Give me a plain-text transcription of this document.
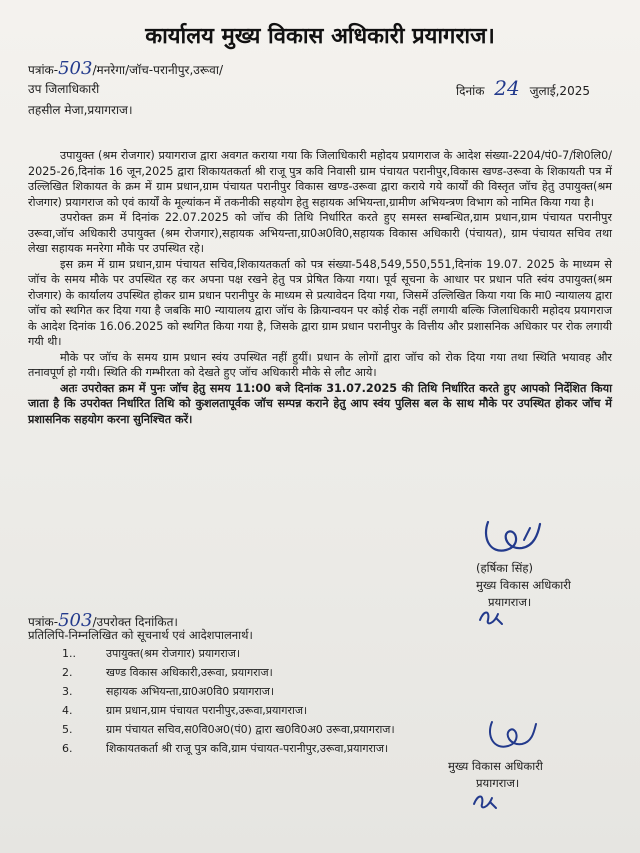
कार्यालय मुख्य विकास अधिकारी प्रयागराज।
पत्रांक-503/मनरेगा/जॉच-परानीपुर,उरूवा/
दिनांक 24 जुलाई,2025
उप जिलाधिकारी
तहसील मेजा,प्रयागराज।

उपायुक्त (श्रम रोजगार) प्रयागराज द्वारा अवगत कराया गया कि जिलाधिकारी महोदय प्रयागराज के आदेश संख्या-2204/पं0-7/शि0लि0/ 2025-26,दिनांक 16 जून,2025 द्वारा शिकायतकर्ता श्री राजू पुत्र कवि निवासी ग्राम पंचायत परानीपुर,विकास खण्ड-उरूवा के शिकायती पत्र में उल्लिखित शिकायत के क्रम में ग्राम प्रधान,ग्राम पंचायत परानीपुर विकास खण्ड-उरूवा द्वारा कराये गये कार्यों की विस्तृत जॉच हेतु उपायुक्त(श्रम रोजगार) प्रयागराज को एवं कार्यों के मूल्यांकन में तकनीकी सहयोग हेतु सहायक अभियन्ता,ग्रामीण अभियन्त्रण विभाग को नामित किया गया है।

उपरोक्त क्रम में दिनांक 22.07.2025 को जॉच की तिथि निर्धारित करते हुए समस्त सम्बन्धित,ग्राम प्रधान,ग्राम पंचायत परानीपुर उरूवा,जॉच अधिकारी उपायुक्त (श्रम रोजगार),सहायक अभियन्ता,ग्रा0अ0वि0,सहायक विकास अधिकारी (पंचायत), ग्राम पंचायत सचिव तथा लेखा सहायक मनरेगा मौके पर उपस्थित रहे।

इस क्रम में ग्राम प्रधान,ग्राम पंचायत सचिव,शिकायतकर्ता को पत्र संख्या-548,549,550,551,दिनांक 19.07. 2025 के माध्यम से जॉच के समय मौके पर उपस्थित रह कर अपना पक्ष रखने हेतु पत्र प्रेषित किया गया। पूर्व सूचना के आधार पर प्रधान पति स्वंय उपायुक्त(श्रम रोजगार) के कार्यालय उपस्थित होकर ग्राम प्रधान परानीपुर के माध्यम से प्रत्यावेदन दिया गया, जिसमें उल्लिखित किया गया कि मा0 न्यायालय द्वारा जॉच को स्थगित कर दिया गया है जबकि मा0 न्यायालय द्वारा जॉच के क्रियान्वयन पर कोई रोक नहीं लगायी बल्कि जिलाधिकारी महोदय प्रयागराज के आदेश दिनांक 16.06.2025 को स्थगित किया गया है, जिसके द्वारा ग्राम प्रधान परानीपुर के वित्तीय और प्रशासनिक अधिकार पर रोक लगायी गयी थी।

मौके पर जॉच के समय ग्राम प्रधान स्वंय उपस्थित नहीं हुयीं। प्रधान के लोगों द्वारा जॉच को रोक दिया गया तथा स्थिति भयावह और तनावपूर्ण हो गयी। स्थिति की गम्भीरता को देखते हुए जॉच अधिकारी मौके से लौट आये।

अतः उपरोक्त क्रम में पुनः जॉच हेतु समय 11:00 बजे दिनांक 31.07.2025 की तिथि निर्धारित करते हुए आपको निर्देशित किया जाता है कि उपरोक्त निर्धारित तिथि को कुशलतापूर्वक जॉच सम्पन्न कराने हेतु आप स्वंय पुलिस बल के साथ मौके पर उपस्थित होकर जॉच में प्रशासनिक सहयोग करना सुनिश्चित करें।

(हर्षिका सिंह)
मुख्य विकास अधिकारी
प्रयागराज।
पत्रांक-503/उपरोक्त दिनांकित।
प्रतिलिपि-निम्नलिखित को सूचनार्थ एवं आदेशपालनार्थ।
1..	उपायुक्त(श्रम रोजगार) प्रयागराज।
2.	खण्ड विकास अधिकारी,उरूवा, प्रयागराज।
3.	सहायक अभियन्ता,ग्रा0अ0वि0 प्रयागराज।
4.	ग्राम प्रधान,ग्राम पंचायत परानीपुर,उरूवा,प्रयागराज।
5.	ग्राम पंचायत सचिव,स0वि0अ0(पं0) द्वारा ख0वि0अ0 उरूवा,प्रयागराज।
6.	शिकायतकर्ता श्री राजू पुत्र कवि,ग्राम पंचायत-परानीपुर,उरूवा,प्रयागराज।
मुख्य विकास अधिकारी
प्रयागराज।
